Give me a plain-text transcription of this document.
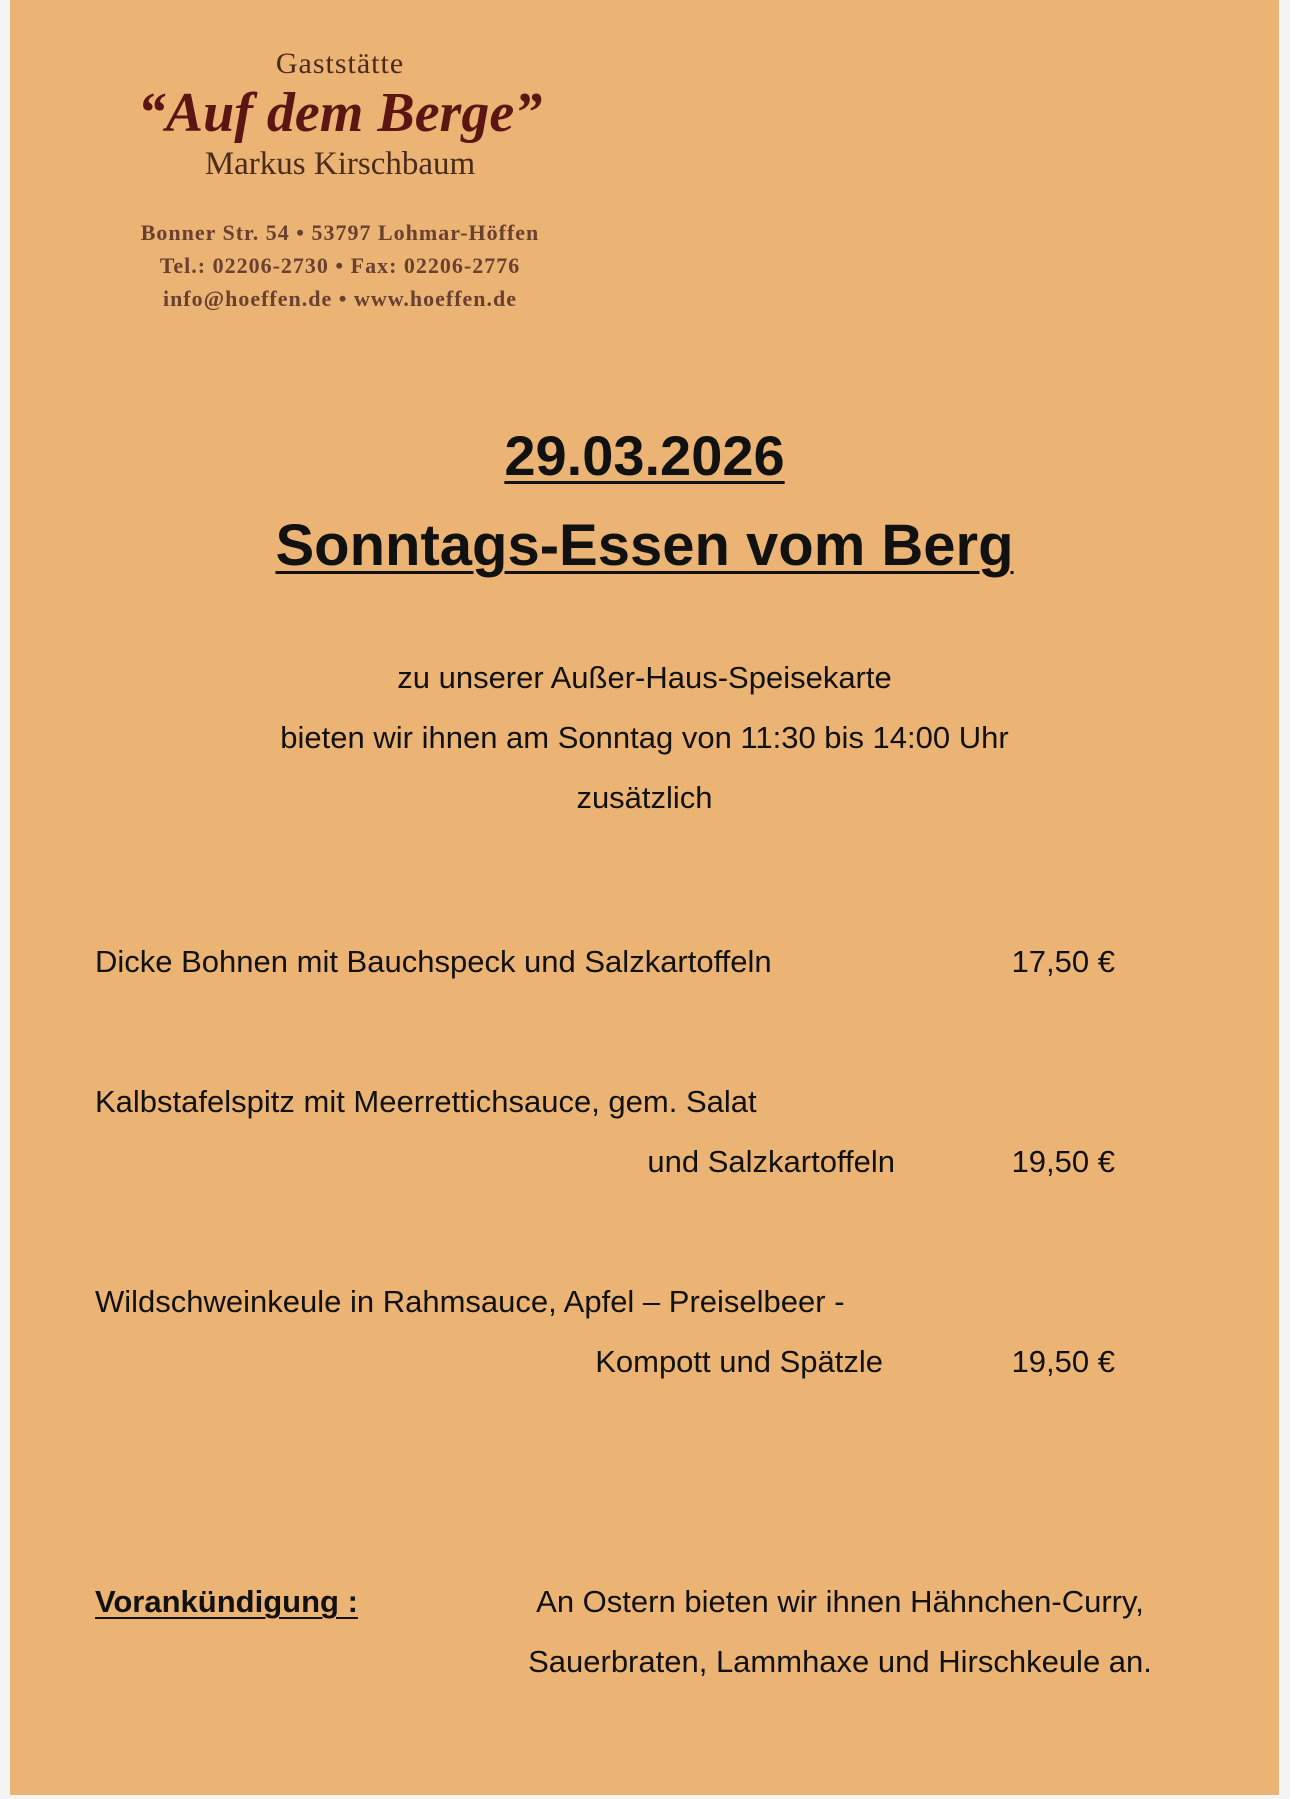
Gaststätte
“Auf dem Berge”
Markus Kirschbaum
Bonner Str. 54 • 53797 Lohmar-Höffen
Tel.: 02206-2730 • Fax: 02206-2776
info@hoeffen.de • www.hoeffen.de
29.03.2026
Sonntags-Essen vom Berg
zu unserer Außer-Haus-Speisekarte
bieten wir ihnen am Sonntag von 11:30 bis 14:00 Uhr
zusätzlich
Dicke Bohnen mit Bauchspeck und Salzkartoffeln	17,50 €
Kalbstafelspitz mit Meerrettichsauce, gem. Salat
und Salzkartoffeln	19,50 €
Wildschweinkeule in Rahmsauce, Apfel – Preiselbeer -
Kompott und Spätzle	19,50 €
Vorankündigung :	An Ostern bieten wir ihnen Hähnchen-Curry,
Sauerbraten, Lammhaxe und Hirschkeule an.
